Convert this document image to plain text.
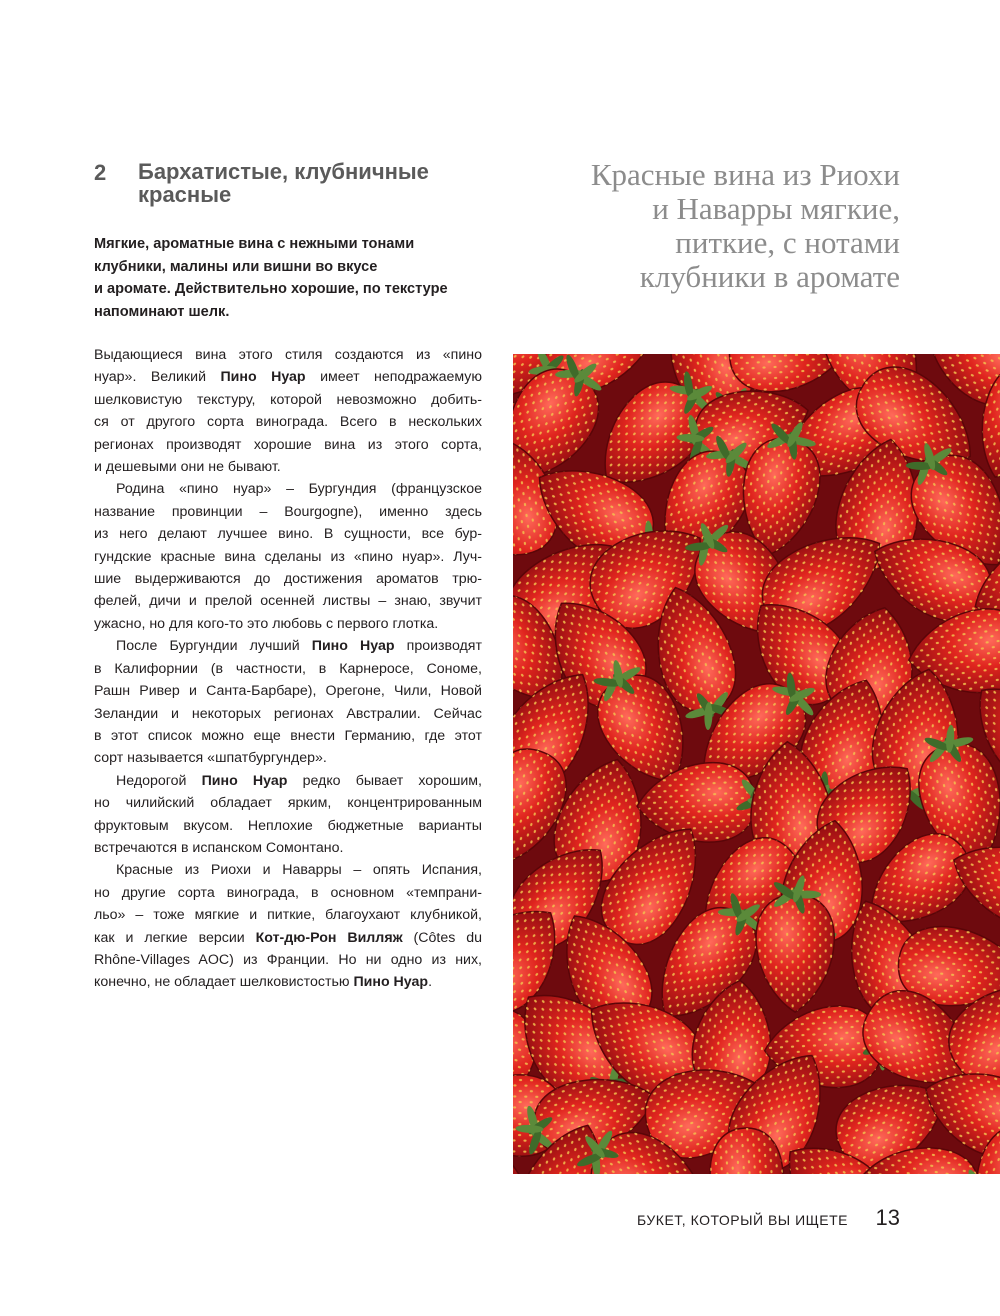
2 Бархатистые, клубничные
красные
Мягкие, ароматные вина с нежными тонами
клубники, малины или вишни во вкусе
и аромате. Действительно хорошие, по текстуре
напоминают шелк.
Красные вина из Риохи
и Наварры мягкие,
питкие, с нотами
клубники в аромате
Выдающиеся вина этого стиля создаются из «пино
нуар». Великий Пино Нуар имеет неподражаемую
шелковистую текстуру, которой невозможно добить-
ся от другого сорта винограда. Всего в нескольких
регионах производят хорошие вина из этого сорта,
и дешевыми они не бывают.
Родина «пино нуар» – Бургундия (французское
название провинции – Bourgogne), именно здесь
из него делают лучшее вино. В сущности, все бур-
гундские красные вина сделаны из «пино нуар». Луч-
шие выдерживаются до достижения ароматов трю-
фелей, дичи и прелой осенней листвы – знаю, звучит
ужасно, но для кого-то это любовь с первого глотка.
После Бургундии лучший Пино Нуар производят
в Калифорнии (в частности, в Карнеросе, Сономе,
Рашн Ривер и Санта-Барбаре), Орегоне, Чили, Новой
Зеландии и некоторых регионах Австралии. Сейчас
в этот список можно еще внести Германию, где этот
сорт называется «шпатбургундер».
Недорогой Пино Нуар редко бывает хорошим,
но чилийский обладает ярким, концентрированным
фруктовым вкусом. Неплохие бюджетные варианты
встречаются в испанском Сомонтано.
Красные из Риохи и Наварры – опять Испания,
но другие сорта винограда, в основном «темпрани-
льо» – тоже мягкие и питкие, благоухают клубникой,
как и легкие версии Кот-дю-Рон Вилляж (Côtes du
Rhône-Villages AOC) из Франции. Но ни одно из них,
конечно, не обладает шелковистостью Пино Нуар.
БУКЕТ, КОТОРЫЙ ВЫ ИЩЕТЕ 13
